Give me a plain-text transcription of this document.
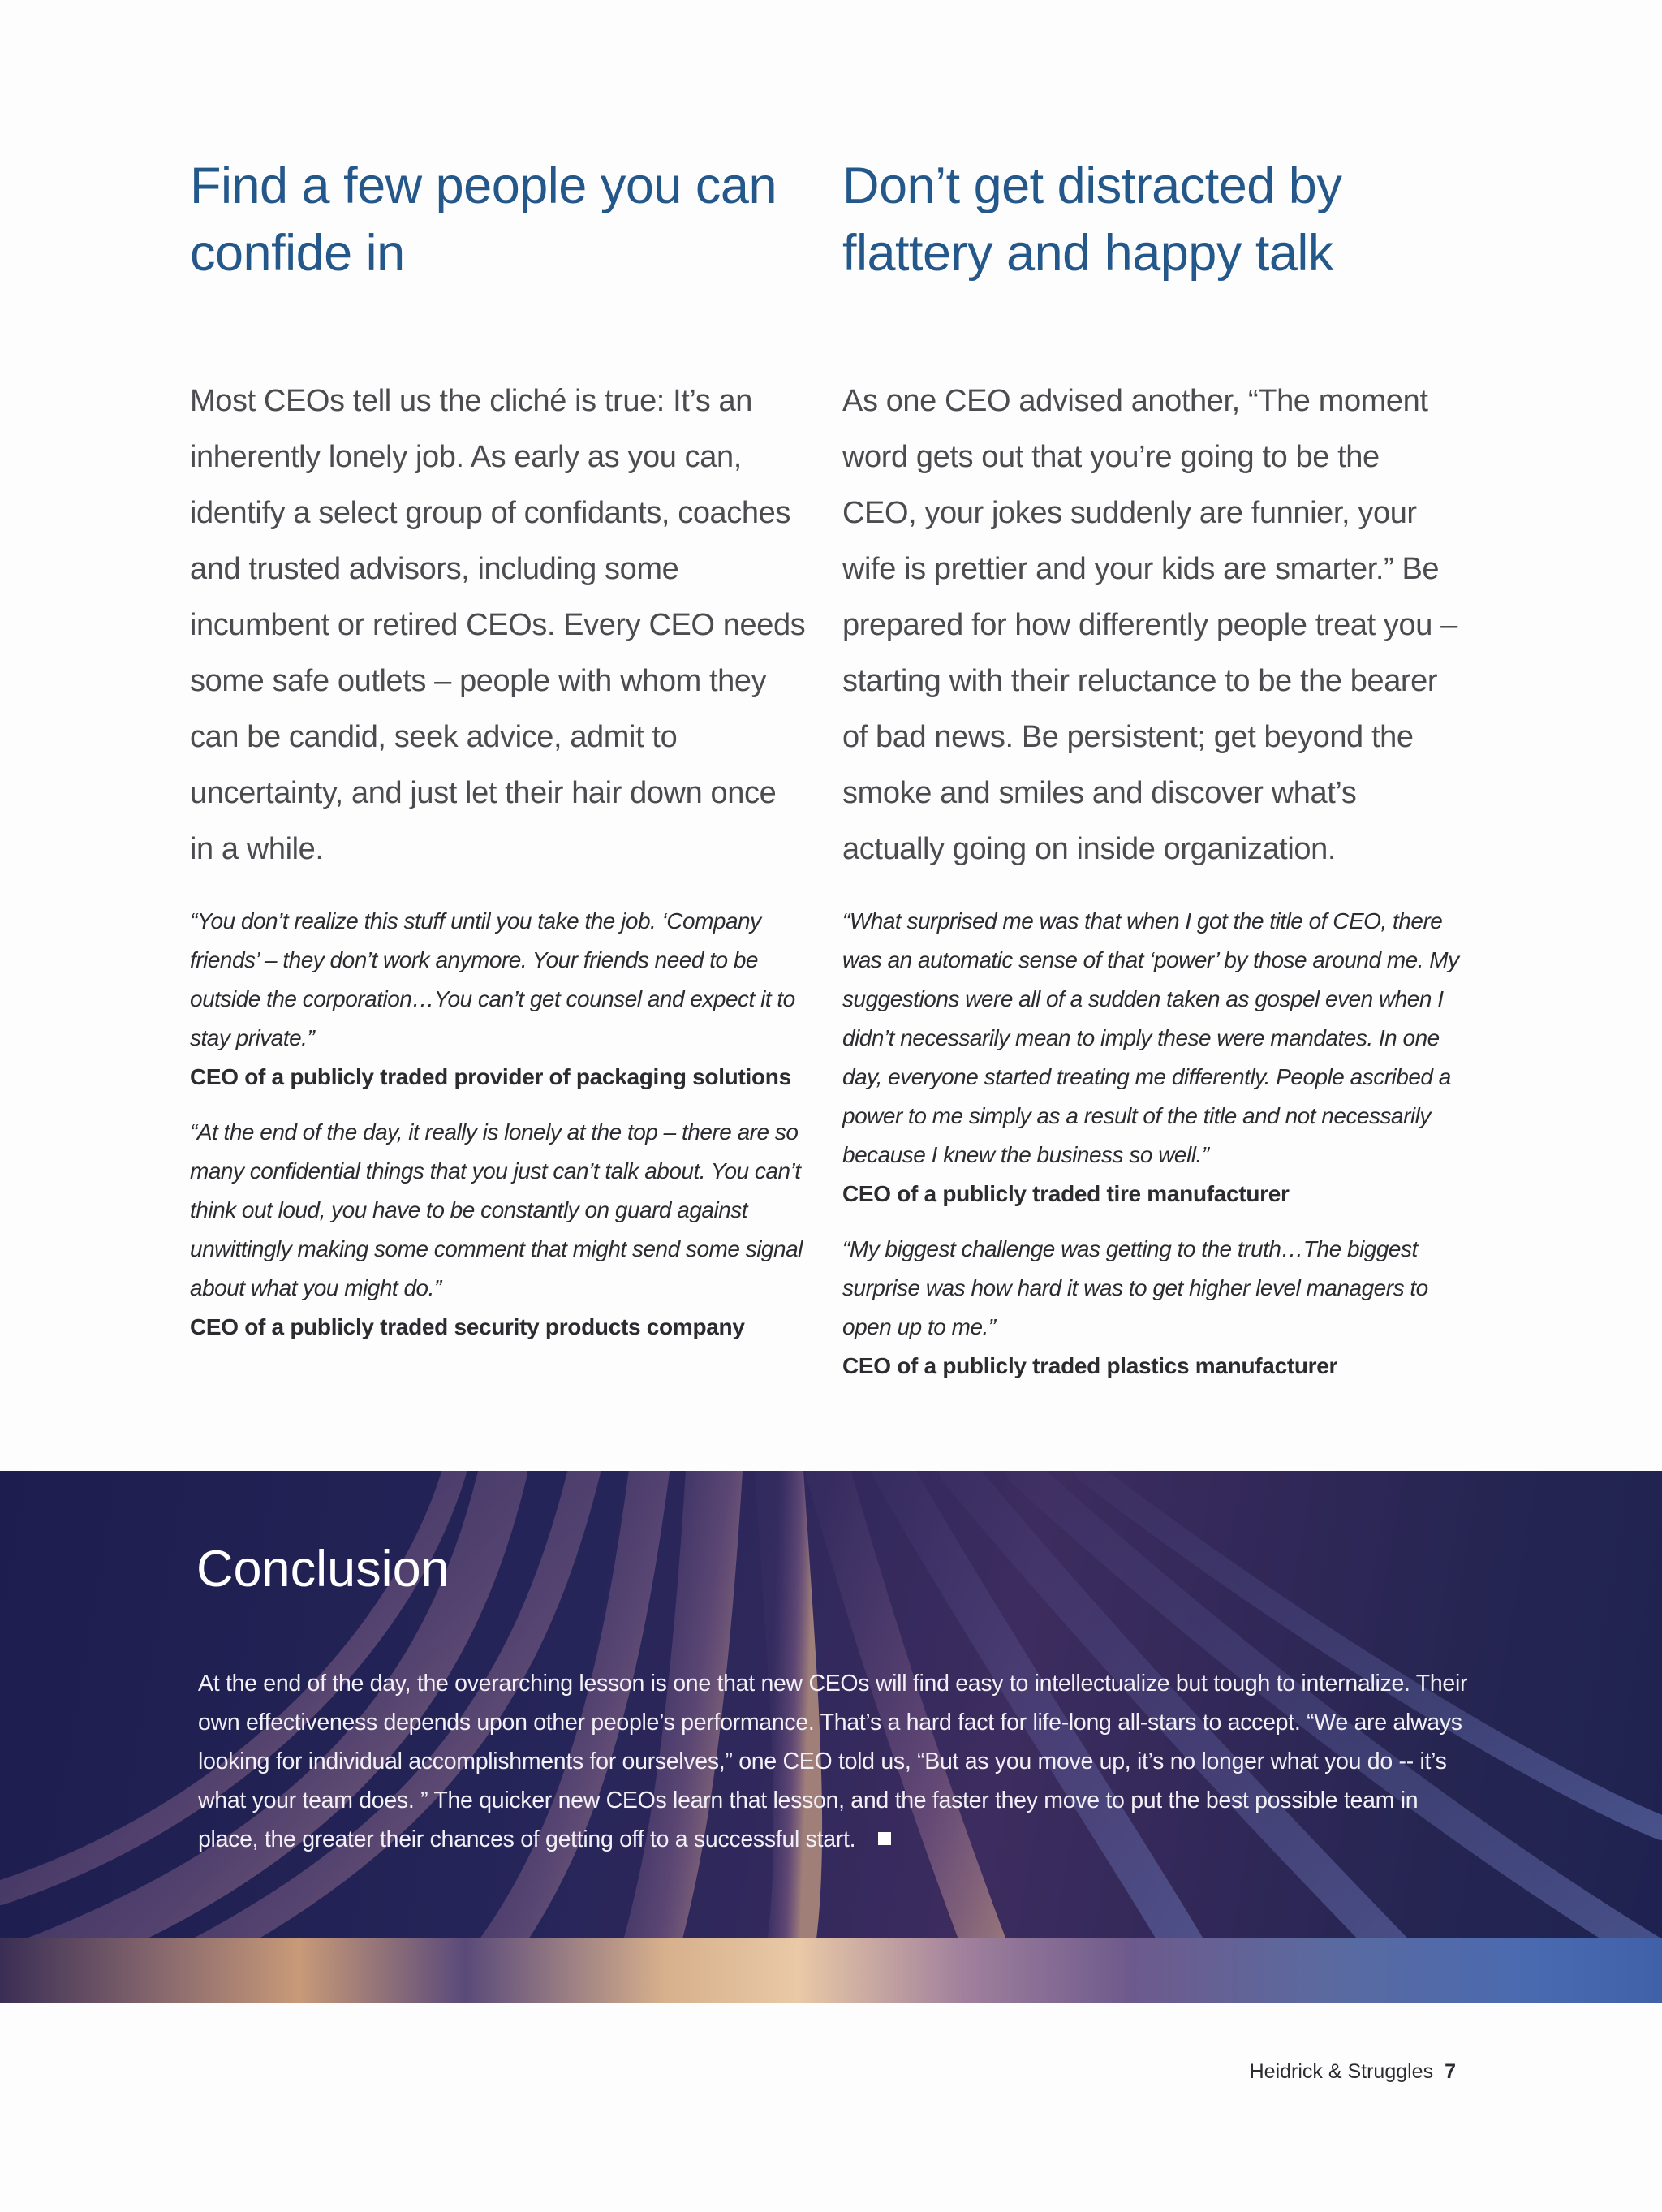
Find a few people you can confide in

Most CEOs tell us the cliché is true: It’s an inherently lonely job. As early as you can, identify a select group of confidants, coaches and trusted advisors, including some incumbent or retired CEOs. Every CEO needs some safe outlets – people with whom they can be candid, seek advice, admit to uncertainty, and just let their hair down once in a while.

“You don’t realize this stuff until you take the job. ‘Company friends’ – they don’t work anymore. Your friends need to be outside the corporation…You can’t get counsel and expect it to stay private.”

CEO of a publicly traded provider of packaging solutions

“At the end of the day, it really is lonely at the top – there are so many confidential things that you just can’t talk about. You can’t think out loud, you have to be constantly on guard against unwittingly making some comment that might send some signal about what you might do.”

CEO of a publicly traded security products company
Don’t get distracted by flattery and happy talk

As one CEO advised another, “The moment word gets out that you’re going to be the CEO, your jokes suddenly are funnier, your wife is prettier and your kids are smarter.” Be prepared for how differently people treat you – starting with their reluctance to be the bearer of bad news. Be persistent; get beyond the smoke and smiles and discover what’s actually going on inside organization.

“What surprised me was that when I got the title of CEO, there was an automatic sense of that ‘power’ by those around me. My suggestions were all of a sudden taken as gospel even when I didn’t necessarily mean to imply these were mandates. In one day, everyone started treating me differently. People ascribed a power to me simply as a result of the title and not necessarily because I knew the business so well.”

CEO of a publicly traded tire manufacturer

“My biggest challenge was getting to the truth…The biggest surprise was how hard it was to get higher level managers to open up to me.”

CEO of a publicly traded plastics manufacturer
Conclusion

At the end of the day, the overarching lesson is one that new CEOs will find easy to intellectualize but tough to internalize. Their own effectiveness depends upon other people’s performance. That’s a hard fact for life-long all-stars to accept. “We are always looking for individual accomplishments for ourselves,” one CEO told us, “But as you move up, it’s no longer what you do -- it’s what your team does. ” The quicker new CEOs learn that lesson, and the faster they move to put the best possible team in place, the greater their chances of getting off to a successful start.

Heidrick & Struggles 7
